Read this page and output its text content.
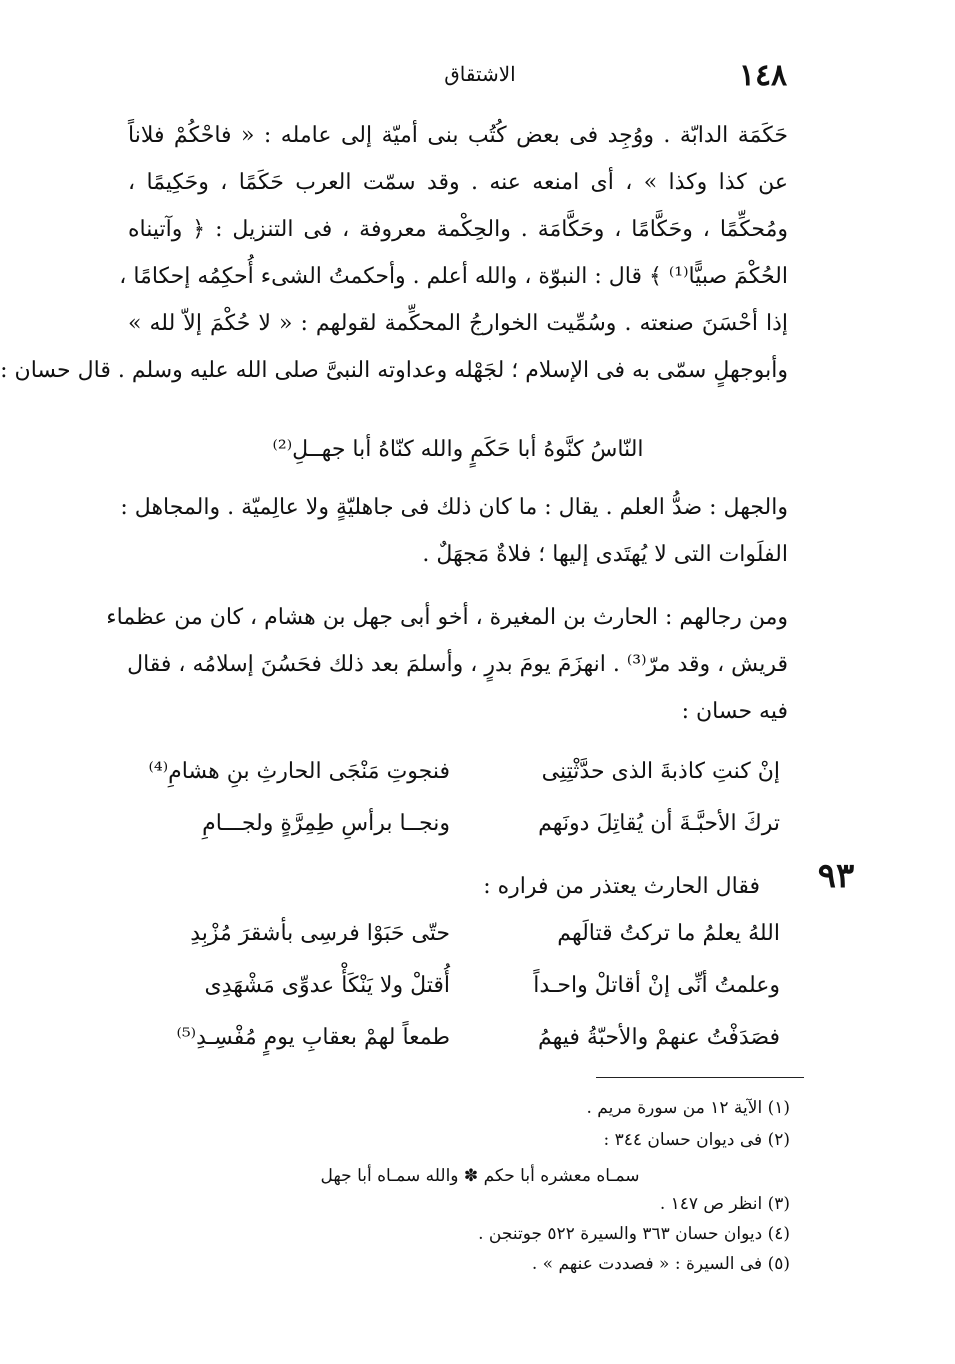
١٤٨
الاشتقاق
حَكَمَة الدابّة . ووُجِد فى بعض كُتُب بنى أميّة إلى عامله : « فاحْكُمْ فلاناً
عن كذا وكذا » ، أى امنعه عنه . وقد سمّت العرب حَكَمًا ، وحَكِيمًا ،
ومُحكِّمًا ، وحَكَّامًا ، وحَكَّامَة . والحِكْمة معروفة ، فى التنزيل : ﴿ وآتيناه
الحُكْمَ صبيًّا⁽¹⁾ ﴾ قال : النبوّة ، والله أعلم . وأحكمتُ الشىء أُحكِمُه إحكامًا ،
إذا أحْسَنَ صنعته . وسُمِّيت الخوارجُ المحكِّمة لقولهم : « لا حُكْمَ إلاّ لله »
وأبوجهلٍ سمّى به فى الإسلام ؛ لجَهْله وعداوته النبىَّ صلى الله عليه وسلم . قال حسان :
النّاسُ كنَّوهُ أبا حَكَمٍ والله كنّاهُ أبا جهــلِ⁽²⁾
والجهل : ضدُّ العلم . يقال : ما كان ذلك فى جاهليّةٍ ولا عالِميّة . والمجاهل :
الفلَوات التى لا يُهتَدى إليها ؛ فلاةٌ مَجهَلٌ .
ومن رجالهم : الحارث بن المغيرة ، أخو أبى جهل بن هشام ، كان من عظماء
قريش ، وقد مرّ⁽³⁾ . انهزَمَ يومَ بدرٍ ، وأسلمَ بعد ذلك فحَسُنَ إسلامُه ، فقال
فيه حسان :
إنْ كنتِ كاذبةَ الذى حدَّثْتِنِى
فنجوتِ مَنْجَى الحارثِ بنِ هشامِ⁽⁴⁾
تركَ الأحبَّـةَ أن يُقاتِلَ دونَهم
ونجــا برأسِ طِمِرَّةٍ ولجـــامِ
٩٣
فقال الحارث يعتذر من فراره :
اللهُ يعلمُ ما تركتُ قتالَهم
حتّى حَبَوْا فرسِى بأشقرَ مُزْبِدِ
وعلمتُ أنِّى إنْ أقاتلْ واحـداً
أُقتلْ ولا يَنْكَأْ عدوِّى مَشْهَدِى
فصَدَفْتُ عنهمْ والأحبّةُ فيهمُ
طمعاً لهمْ بعقابِ يومٍ مُفْسِـدِ⁽⁵⁾
(١) الآية ١٢ من سورة مريم .
(٢) فى ديوان حسان ٣٤٤ :
سمـاه معشره أبا حكم ✽ والله سمـاه أبا جهل
(٣) انظر ص ١٤٧ .
(٤) ديوان حسان ٣٦٣ والسيرة ٥٢٢ جوتنجن .
(٥) فى السيرة : « فصددت عنهم » .
